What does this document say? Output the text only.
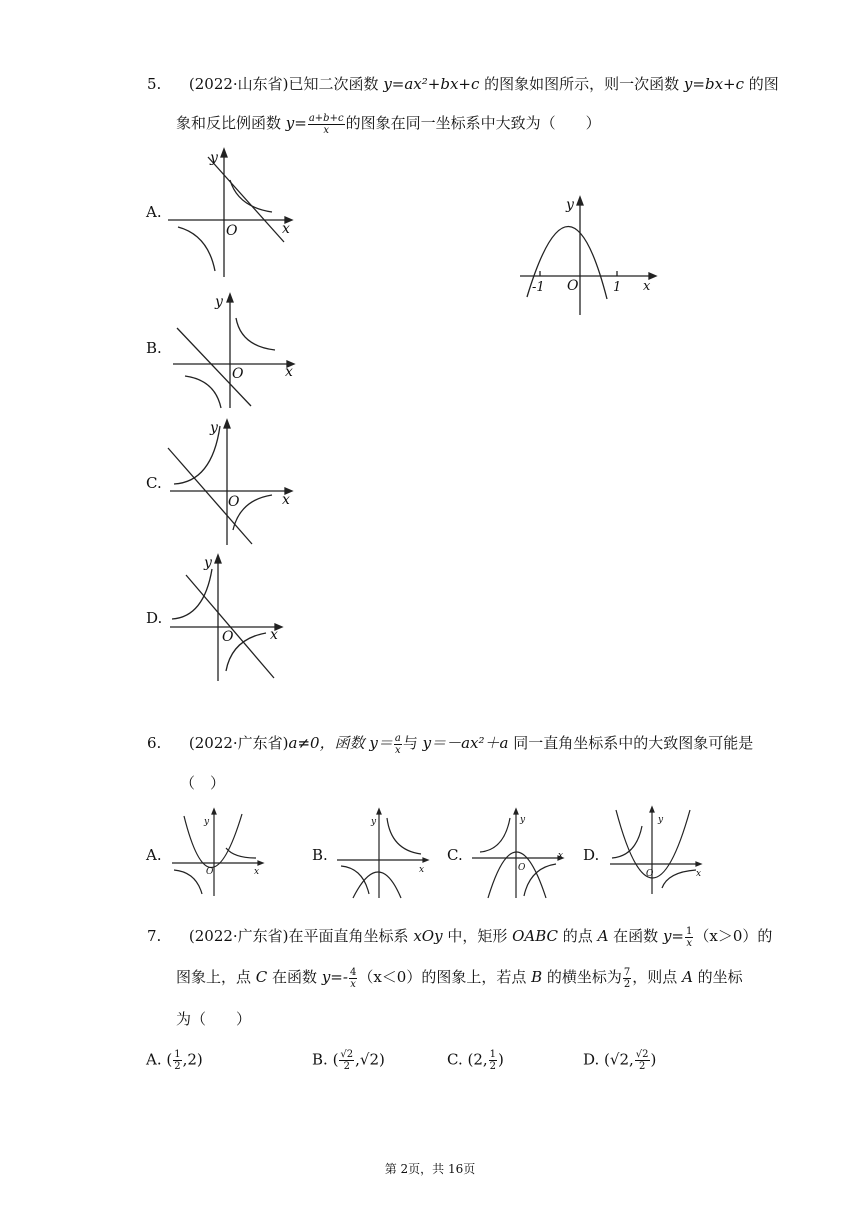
5. (2022·山东省)已知二次函数 y=ax²+bx+c 的图象如图所示，则一次函数 y=bx+c 的图
象和反比例函数 $y= \frac{a+b+c}{x}$ 的图象在同一坐标系中大致为（　　）
A.
B.
C.
D.
y
x
O
y
x
O
y
x
O
y
x
O
y
x
O
-1	1
6. (2022·广东省)a≠0，函数 $y= \frac{a}{x}$ 与 y＝－ax²＋a 同一直角坐标系中的大致图象可能是
（　）
A.	B.	C.	D.
y
O	x
y
x
y
O
x
y
O	x
7. (2022·广东省)在平面直角坐标系 xOy 中，矩形 OABC 的点 A 在函数 $y= \frac{1}{x} (x>0)$的
图象上，点 C 在函数 $y=- \frac{4}{x} (x<0)$的图象上，若点 B 的横坐标为 $\frac{7}{2}$ ，则点 A 的坐标
为（　　）
A. ( $\frac{1}{2} ,2$)	B. ( $\frac{√2}{2} ,√2$)	C. (2, $\frac{1}{2}$ )	D. (√2, $\frac{√2}{2}$ )
第 2页，共 16页
